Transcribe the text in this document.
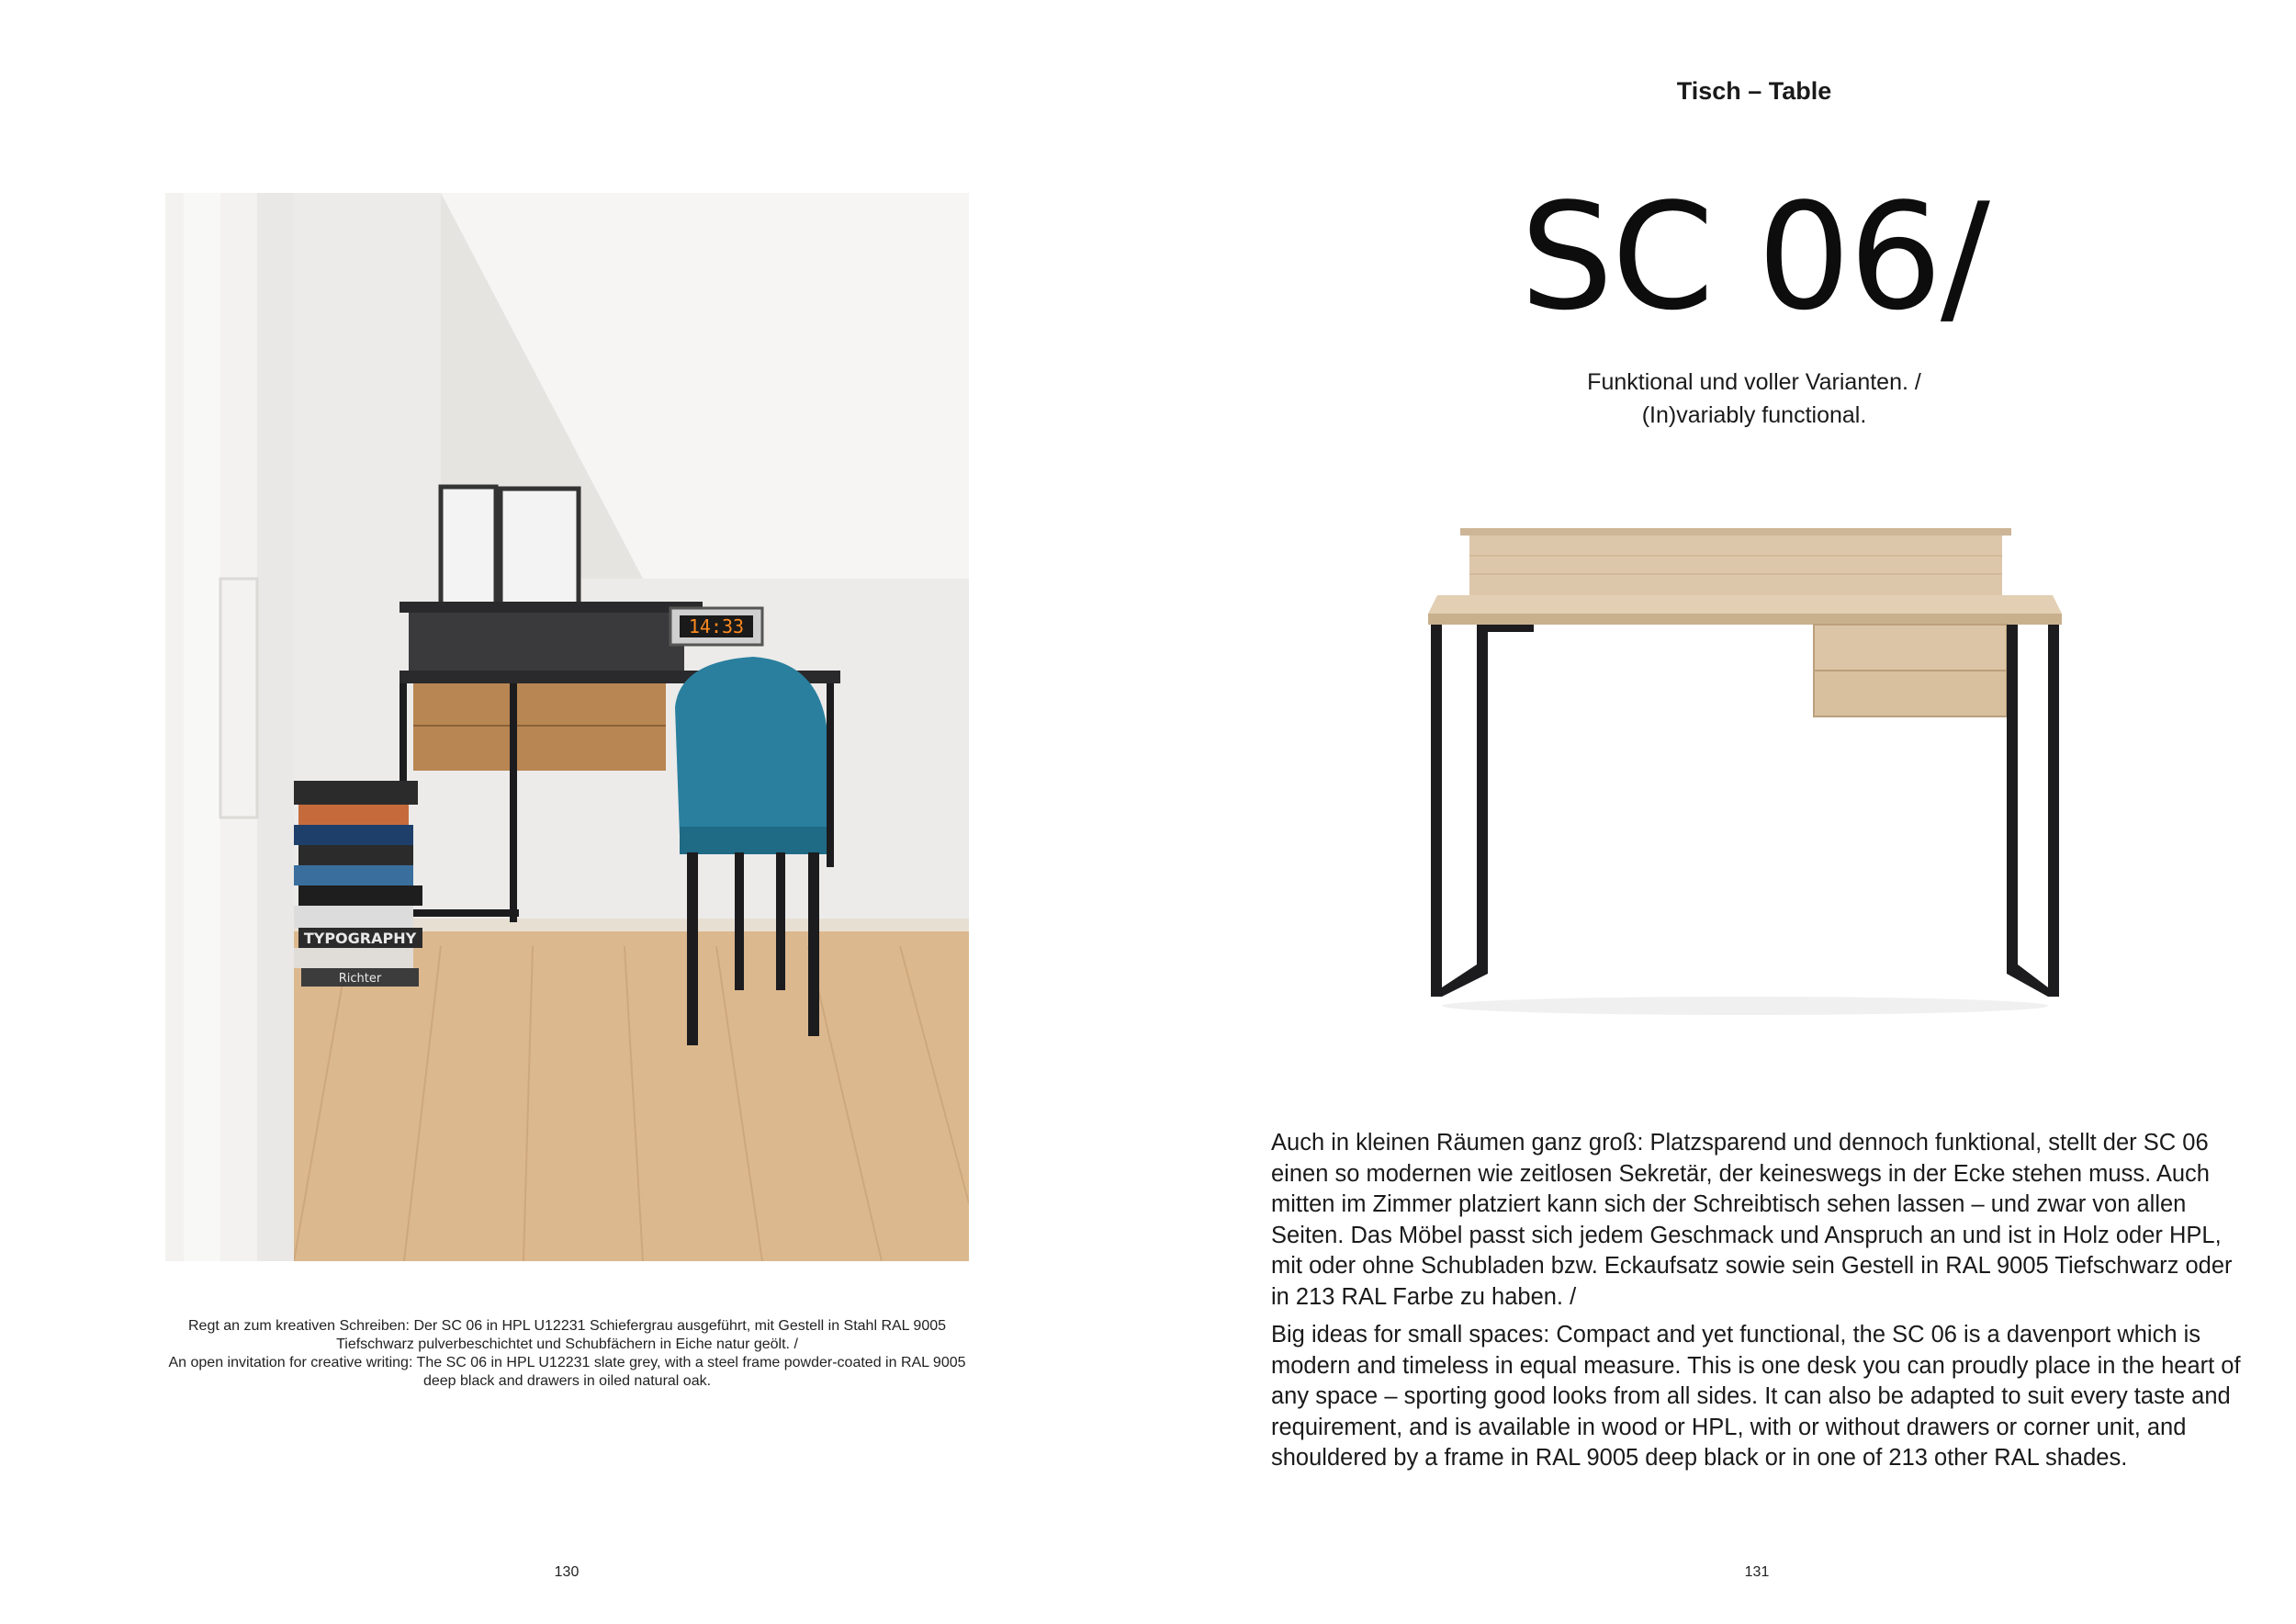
14:33
TYPOGRAPHY
Richter

Regt an zum kreativen Schreiben: Der SC 06 in HPL U12231 Schiefergrau ausgeführt, mit Gestell in Stahl RAL 9005 Tiefschwarz pulverbeschichtet und Schubfächern in Eiche natur geölt. /

An open invitation for creative writing: The SC 06 in HPL U12231 slate grey, with a steel frame powder-coated in RAL 9005 deep black and drawers in oiled natural oak.

130
Tisch – Table
SC 06/

Funktional und voller Varianten. /

(In)variably functional.

Auch in kleinen Räumen ganz groß: Platzsparend und dennoch funktional, stellt der SC 06 einen so modernen wie zeitlosen Sekretär, der keineswegs in der Ecke stehen muss. Auch mitten im Zimmer platziert kann sich der Schreibtisch sehen lassen – und zwar von allen Seiten. Das Möbel passt sich jedem Geschmack und Anspruch an und ist in Holz oder HPL, mit oder ohne Schubladen bzw. Eckaufsatz sowie sein Gestell in RAL 9005 Tiefschwarz oder in 213 RAL Farbe zu haben. /

Big ideas for small spaces: Compact and yet functional, the SC 06 is a davenport which is modern and timeless in equal measure. This is one desk you can proudly place in the heart of any space – sporting good looks from all sides. It can also be adapted to suit every taste and requirement, and is available in wood or HPL, with or without drawers or corner unit, and shouldered by a frame in RAL 9005 deep black or in one of 213 other RAL shades.

131
